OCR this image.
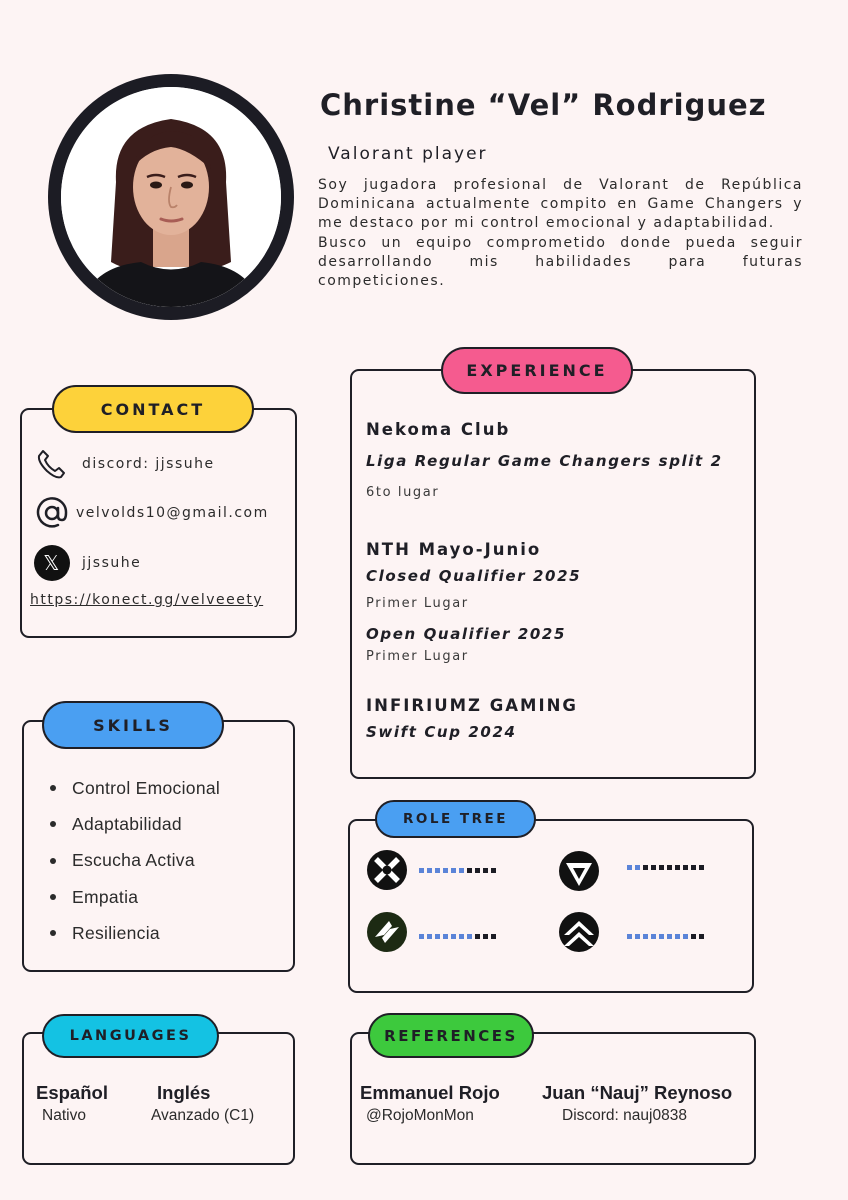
Christine “Vel” Rodriguez
Valorant player

Soy jugadora profesional de Valorant de República Dominicana actualmente compito en Game Changers y me destaco por mi control emocional y adaptabilidad.

Busco un equipo comprometido donde pueda seguir desarrollando mis habilidades para futuras competiciones.

CONTACT
discord: jjssuhe
velvolds10@gmail.com
𝕏	jjssuhe
https://konect.gg/velveeety
SKILLS
Control Emocional
Adaptabilidad
Escucha Activa
Empatia
Resiliencia
LANGUAGES
Español
Nativo
Inglés
Avanzado (C1)
EXPERIENCE
Nekoma Club
Liga Regular Game Changers split 2
6to lugar
NTH Mayo-Junio
Closed Qualifier 2025
Primer Lugar
Open Qualifier 2025
Primer Lugar
INFIRIUMZ GAMING
Swift Cup 2024
ROLE TREE
REFERENCES
Emmanuel Rojo
@RojoMonMon
Juan “Nauj” Reynoso
Discord: nauj0838
